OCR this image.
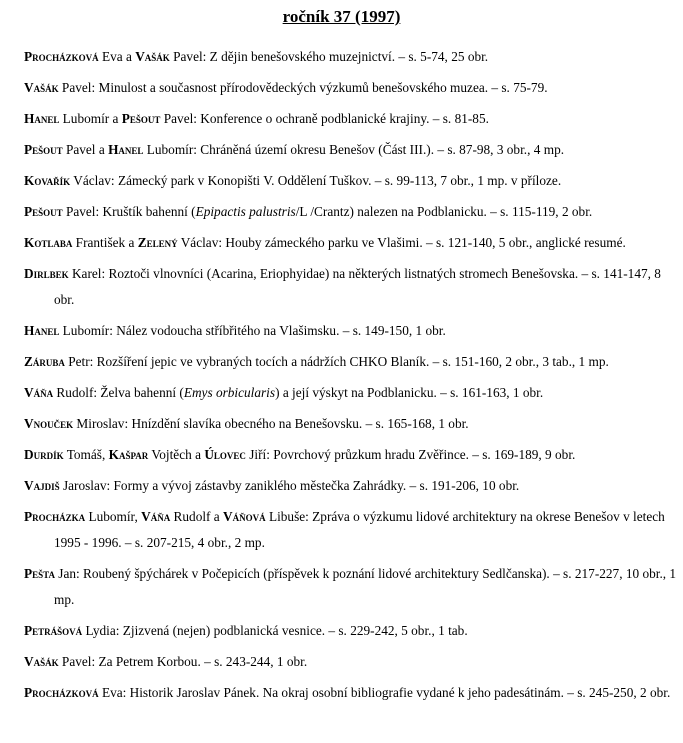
ročník 37 (1997)
Procházková Eva a Vašák Pavel: Z dějin benešovského muzejnictví. – s. 5-74, 25 obr.
Vašák Pavel: Minulost a současnost přírodovědeckých výzkumů benešovského muzea. – s. 75-79.
Hanel Lubomír a Pešout Pavel: Konference o ochraně podblanické krajiny. – s. 81-85.
Pešout Pavel a Hanel Lubomír: Chráněná území okresu Benešov (Část III.). – s. 87-98, 3 obr., 4 mp.
Kovařík Václav: Zámecký park v Konopišti V. Oddělení Tuškov. – s. 99-113, 7 obr., 1 mp. v příloze.
Pešout Pavel: Kruštík bahenní (Epipactis palustris/L /Crantz) nalezen na Podblanicku. – s. 115-119, 2 obr.
Kotlaba František a Zelený Václav: Houby zámeckého parku ve Vlašimi. – s. 121-140, 5 obr., anglické resumé.
Dirlbek Karel: Roztoči vlnovníci (Acarina, Eriophyidae) na některých listnatých stromech Benešovska. – s. 141-147, 8 obr.
Hanel Lubomír: Nález vodoucha stříbřitého na Vlašimsku. – s. 149-150, 1 obr.
Záruba Petr: Rozšíření jepic ve vybraných tocích a nádržích CHKO Blaník. – s. 151-160, 2 obr., 3 tab., 1 mp.
Váňa Rudolf: Želva bahenní (Emys orbicularis) a její výskyt na Podblanicku. – s. 161-163, 1 obr.
Vnouček Miroslav: Hnízdění slavíka obecného na Benešovsku. – s. 165-168, 1 obr.
Durdík Tomáš, Kašpar Vojtěch a Úlovec Jiří: Povrchový průzkum hradu Zvěřince. – s. 169-189, 9 obr.
Vajdiš Jaroslav: Formy a vývoj zástavby zaniklého městečka Zahrádky. – s. 191-206, 10 obr.
Procházka Lubomír, Váňa Rudolf a Váňová Libuše: Zpráva o výzkumu lidové architektury na okrese Benešov v letech 1995 - 1996. – s. 207-215, 4 obr., 2 mp.
Pešta Jan: Roubený špýchárek v Počepicích (příspěvek k poznání lidové architektury Sedlčanska). – s. 217-227, 10 obr., 1 mp.
Petrášová Lydia: Zjizvená (nejen) podblanická vesnice. – s. 229-242, 5 obr., 1 tab.
Vašák Pavel: Za Petrem Korbou. – s. 243-244, 1 obr.
Procházková Eva: Historik Jaroslav Pánek. Na okraj osobní bibliografie vydané k jeho padesátinám. – s. 245-250, 2 obr.
